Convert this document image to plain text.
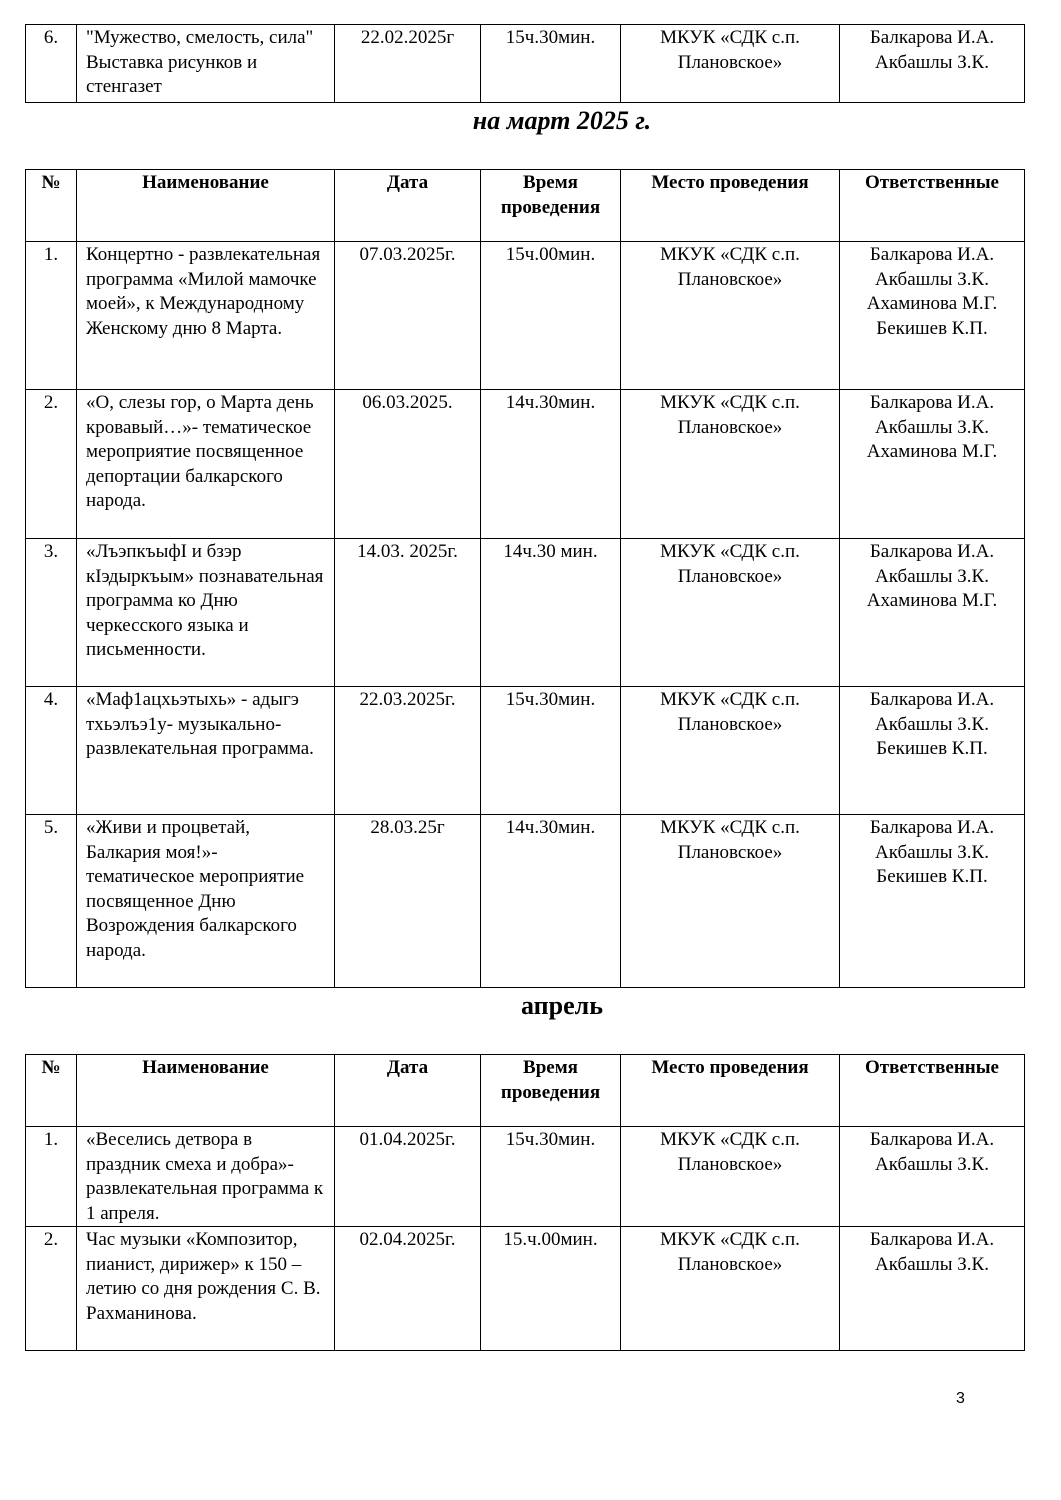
6.	"Мужество, смелость, сила" Выставка рисунков и стенгазет	22.02.2025г	15ч.30мин.	МКУК «СДК с.п. Плановское»	Балкарова И.А. Акбашлы З.К.
на март 2025 г.
№	Наименование	Дата	Время проведения	Место проведения	Ответственные
1.	Концертно - развлекательная программа «Милой мамочке моей», к Международному Женскому дню 8 Марта.	07.03.2025г.	15ч.00мин.	МКУК «СДК с.п. Плановское»	Балкарова И.А. Акбашлы З.К. Ахаминова М.Г. Бекишев К.П.
2.	«О, слезы гор, о Марта день кровавый…»- тематическое мероприятие посвященное депортации балкарского народа.	06.03.2025.	14ч.30мин.	МКУК «СДК с.п. Плановское»	Балкарова И.А. Акбашлы З.К. Ахаминова М.Г.
3.	«ЛъэпкъыфI и бзэр кIэдыркъым» познавательная программа ко Дню черкесского языка и письменности.	14.03. 2025г.	14ч.30 мин.	МКУК «СДК с.п. Плановское»	Балкарова И.А. Акбашлы З.К. Ахаминова М.Г.
4.	«Маф1ацхьэтыхь» - адыгэ тхьэлъэ1у- музыкально- развлекательная программа.	22.03.2025г.	15ч.30мин.	МКУК «СДК с.п. Плановское»	Балкарова И.А. Акбашлы З.К. Бекишев К.П.
5.	«Живи и процветай, Балкария моя!»- тематическое мероприятие посвященное Дню Возрождения балкарского народа.	28.03.25г	14ч.30мин.	МКУК «СДК с.п. Плановское»	Балкарова И.А. Акбашлы З.К. Бекишев К.П.
апрель
№	Наименование	Дата	Время проведения	Место проведения	Ответственные
1.	«Веселись детвора в праздник смеха и добра»- развлекательная программа к 1 апреля.	01.04.2025г.	15ч.30мин.	МКУК «СДК с.п. Плановское»	Балкарова И.А. Акбашлы З.К.
2.	Час музыки «Композитор, пианист, дирижер» к 150 – летию со дня рождения С. В. Рахманинова.	02.04.2025г.	15.ч.00мин.	МКУК «СДК с.п. Плановское»	Балкарова И.А. Акбашлы З.К.
3
